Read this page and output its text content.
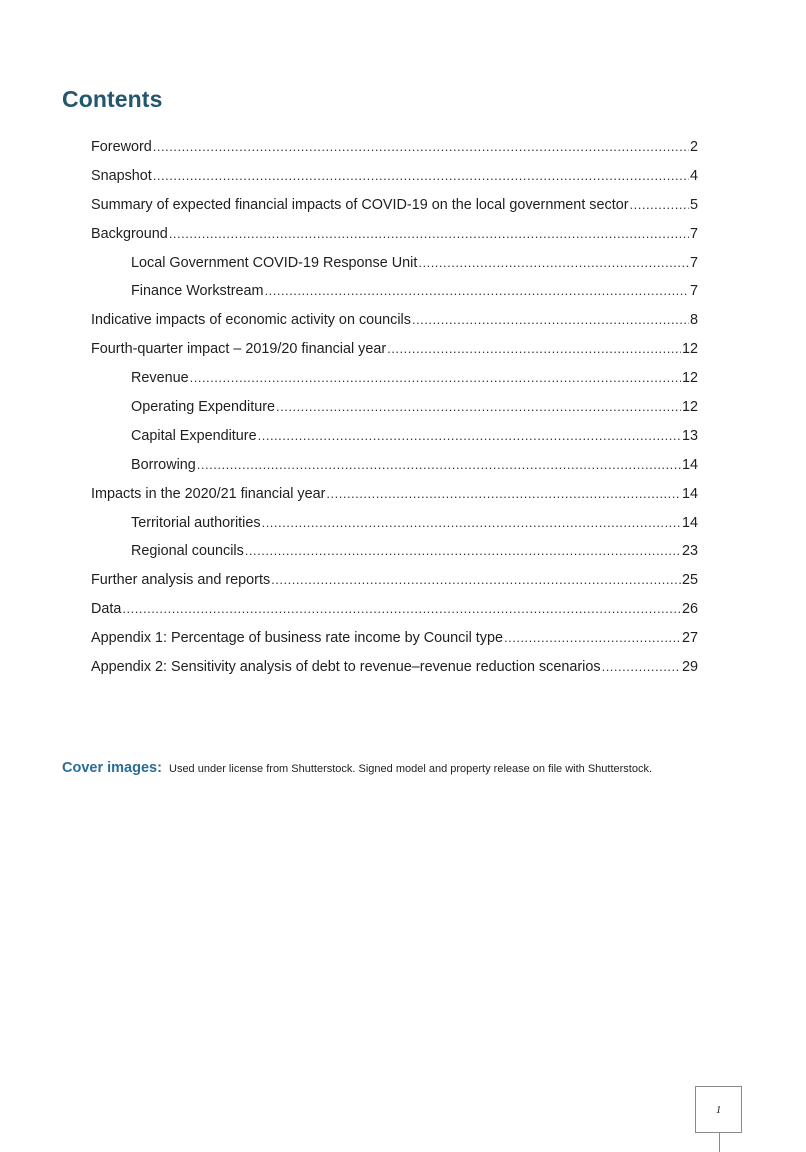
Contents
Foreword .....	2
Snapshot .....	4
Summary of expected financial impacts of COVID-19 on the local government sector .....	5
Background .....	7
Local Government COVID-19 Response Unit .....	7
Finance Workstream .....	7
Indicative impacts of economic activity on councils .....	8
Fourth-quarter impact – 2019/20 financial year .....	12
Revenue .....	12
Operating Expenditure .....	12
Capital Expenditure .....	13
Borrowing .....	14
Impacts in the 2020/21 financial year .....	14
Territorial authorities .....	14
Regional councils .....	23
Further analysis and reports .....	25
Data .....	26
Appendix 1: Percentage of business rate income by Council type .....	27
Appendix 2: Sensitivity analysis of debt to revenue–revenue reduction scenarios .....	29
Cover images: Used under license from Shutterstock. Signed model and property release on file with Shutterstock.
1
